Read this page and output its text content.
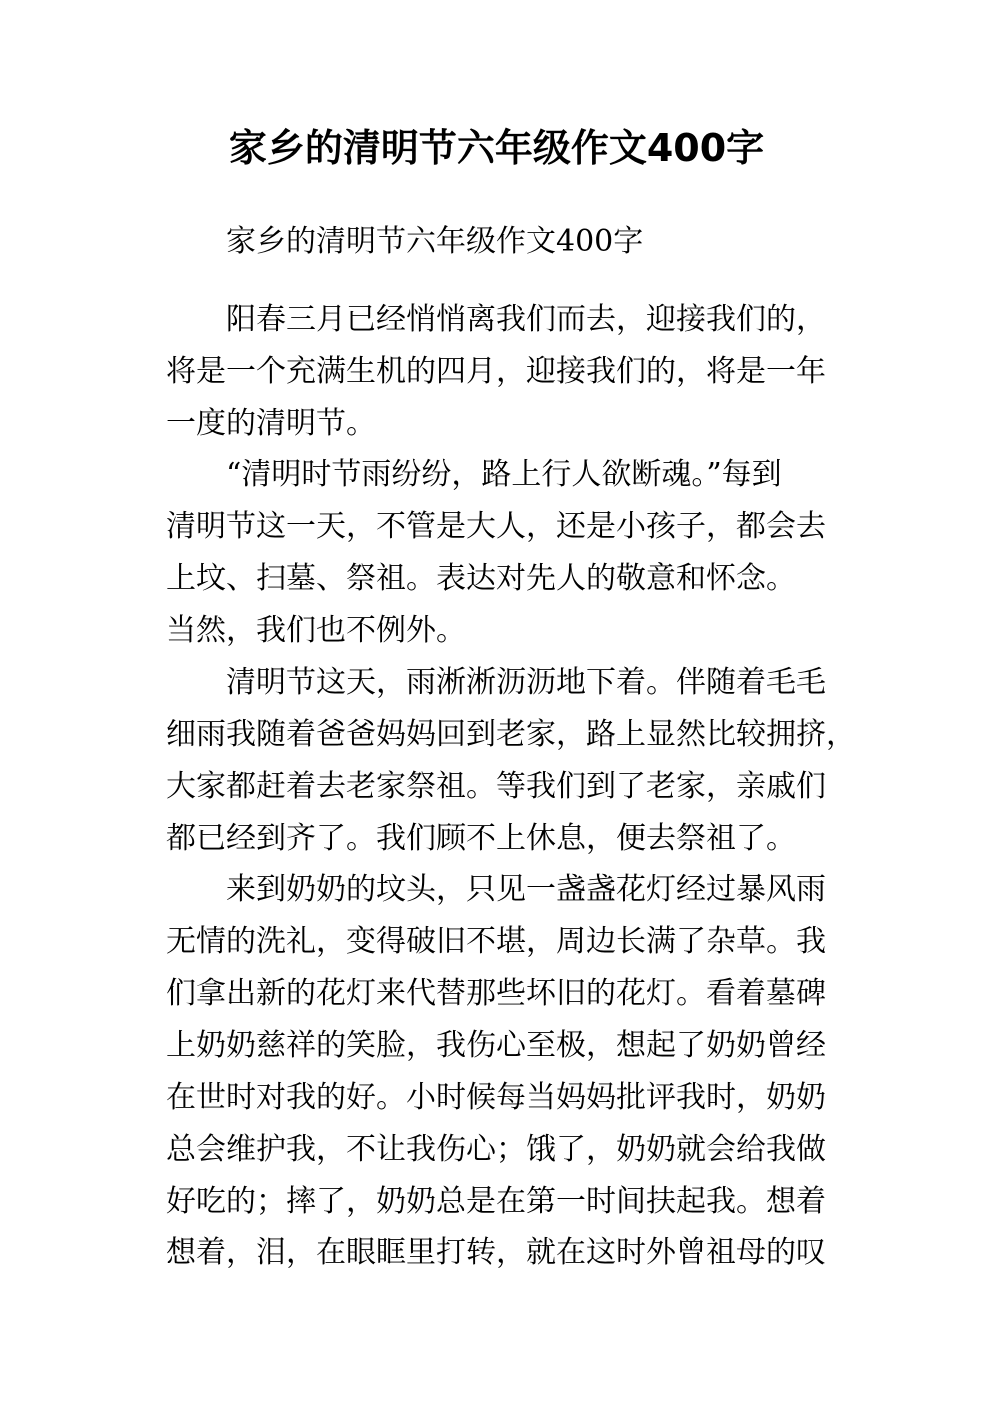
家乡的清明节六年级作文400字

家乡的清明节六年级作文400字

阳春三月已经悄悄离我们而去，迎接我们的，

将是一个充满生机的四月，迎接我们的，将是一年

一度的清明节。

“清明时节雨纷纷，路上行人欲断魂。”每到

清明节这一天，不管是大人，还是小孩子，都会去

上坟、扫墓、祭祖。表达对先人的敬意和怀念。

当然，我们也不例外。

清明节这天，雨淅淅沥沥地下着。伴随着毛毛

细雨我随着爸爸妈妈回到老家，路上显然比较拥挤，

大家都赶着去老家祭祖。等我们到了老家，亲戚们

都已经到齐了。我们顾不上休息，便去祭祖了。

来到奶奶的坟头，只见一盏盏花灯经过暴风雨

无情的洗礼，变得破旧不堪，周边长满了杂草。我

们拿出新的花灯来代替那些坏旧的花灯。看着墓碑

上奶奶慈祥的笑脸，我伤心至极，想起了奶奶曾经

在世时对我的好。小时候每当妈妈批评我时，奶奶

总会维护我，不让我伤心；饿了，奶奶就会给我做

好吃的；摔了，奶奶总是在第一时间扶起我。想着

想着，泪，在眼眶里打转，就在这时外曾祖母的叹
